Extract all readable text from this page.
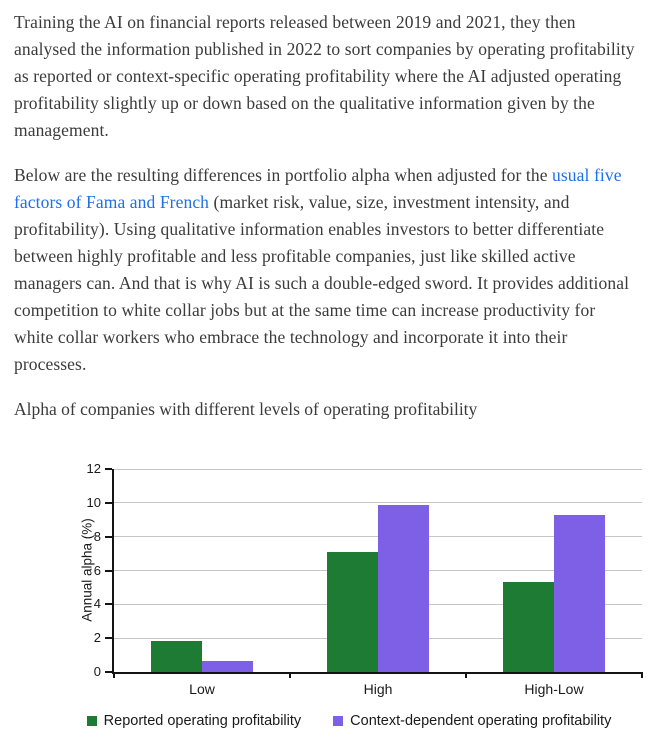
Training the AI on financial reports released between 2019 and 2021, they then analysed the information published in 2022 to sort companies by operating profitability as reported or context-specific operating profitability where the AI adjusted operating profitability slightly up or down based on the qualitative information given by the management.

Below are the resulting differences in portfolio alpha when adjusted for the usual five factors of Fama and French (market risk, value, size, investment intensity, and profitability). Using qualitative information enables investors to better differentiate between highly profitable and less profitable companies, just like skilled active managers can. And that is why AI is such a double-edged sword. It provides additional competition to white collar jobs but at the same time can increase productivity for white collar workers who embrace the technology and incorporate it into their processes.

Alpha of companies with different levels of operating profitability
Annual alpha (%)
Reported operating profitability	Context-dependent operating profitability
0
2
4
6
8
10
12
Low	High	High-Low
